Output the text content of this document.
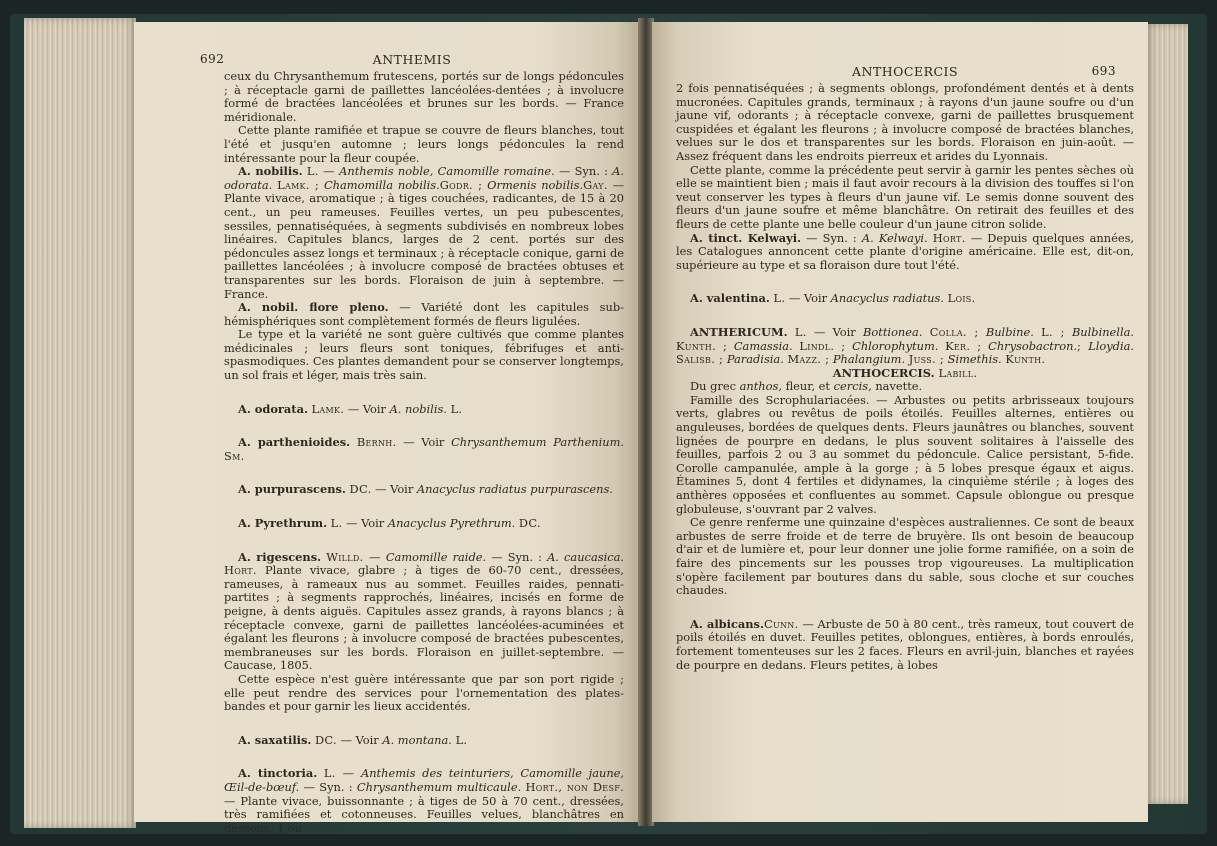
692	ANTHEMIS

ceux du Chrysanthemum frutescens, portés sur de longs pédoncules ; à réceptacle garni de paillettes lancéolées-dentées ; à involucre formé de bractées lancéolées et brunes sur les bords. — France méridionale.

Cette plante ramifiée et trapue se couvre de fleurs blanches, tout l'été et jusqu'en automne ; leurs longs pédoncules la rend intéressante pour la fleur coupée.

A. nobilis. L. — Anthemis noble, Camomille romaine. — Syn. : A. odorata. Lamk. ; Chamomilla nobilis.Godr. ; Ormenis nobilis.Gay. — Plante vivace, aromatique ; à tiges couchées, radicantes, de 15 à 20 cent., un peu rameuses. Feuilles vertes, un peu pubescentes, sessiles, pennatiséquées, à segments subdivisés en nombreux lobes linéaires. Capitules blancs, larges de 2 cent. portés sur des pédoncules assez longs et terminaux ; à réceptacle conique, garni de paillettes lancéolées ; à involucre composé de bractées obtuses et transparentes sur les bords. Floraison de juin à septembre. — France.

A. nobil. flore pleno. — Variété dont les capitules sub-hémisphériques sont complètement formés de fleurs ligulées.

Le type et la variété ne sont guère cultivés que comme plantes médicinales ; leurs fleurs sont toniques, fébrifuges et anti-spasmodiques. Ces plantes demandent pour se conserver longtemps, un sol frais et léger, mais très sain.

A. odorata. Lamk. — Voir A. nobilis. L.

A. parthenioides. Bernh. — Voir Chrysanthemum Parthenium. Sm.

A. purpurascens. DC. — Voir Anacyclus radiatus purpurascens.

A. Pyrethrum. L. — Voir Anacyclus Pyrethrum. DC.

A. rigescens. Willd. — Camomille raide. — Syn. : A. caucasica. Hort. Plante vivace, glabre ; à tiges de 60-70 cent., dressées, rameuses, à rameaux nus au sommet. Feuilles raides, pennati-partites ; à segments rapprochés, linéaires, incisés en forme de peigne, à dents aiguës. Capitules assez grands, à rayons blancs ; à réceptacle convexe, garni de paillettes lancéolées-acuminées et égalant les fleurons ; à involucre composé de bractées pubescentes, membraneuses sur les bords. Floraison en juillet-septembre. — Caucase, 1805.

Cette espèce n'est guère intéressante que par son port rigide ; elle peut rendre des services pour l'ornementation des plates-bandes et pour garnir les lieux accidentés.

A. saxatilis. DC. — Voir A. montana. L.

A. tinctoria. L. — Anthemis des teinturiers, Camomille jaune, Œil-de-bœuf. — Syn. : Chrysanthemum multicaule. Hort., non Desf. — Plante vivace, buissonnante ; à tiges de 50 à 70 cent., dressées, très ramifiées et cotonneuses. Feuilles velues, blanchâtres en dessous, 1 ou

ANTHOCERCIS	693

2 fois pennatiséquées ; à segments oblongs, profondément dentés et à dents mucronées. Capitules grands, terminaux ; à rayons d'un jaune soufre ou d'un jaune vif, odorants ; à réceptacle convexe, garni de paillettes brusquement cuspidées et égalant les fleurons ; à involucre composé de bractées blanches, velues sur le dos et transparentes sur les bords. Floraison en juin-août. — Assez fréquent dans les endroits pierreux et arides du Lyonnais.

Cette plante, comme la précédente peut servir à garnir les pentes sèches où elle se maintient bien ; mais il faut avoir recours à la division des touffes si l'on veut conserver les types à fleurs d'un jaune vif. Le semis donne souvent des fleurs d'un jaune soufre et même blanchâtre. On retirait des feuilles et des fleurs de cette plante une belle couleur d'un jaune citron solide.

A. tinct. Kelwayi. — Syn. : A. Kelwayi. Hort. — Depuis quelques années, les Catalogues annoncent cette plante d'origine américaine. Elle est, dit-on, supérieure au type et sa floraison dure tout l'été.

A. valentina. L. — Voir Anacyclus radiatus. Lois.

ANTHERICUM. L. — Voir Bottionea. Colla. ; Bulbine. L. ; Bulbinella. Kunth. ; Camassia. Lindl. ; Chlorophytum. Ker. ; Chrysobactron.; Lloydia. Salisb. ; Paradisia. Mazz. ; Phalangium. Juss. ; Simethis. Kunth.

ANTHOCERCIS. Labill.

Du grec anthos, fleur, et cercis, navette.

Famille des Scrophulariacées. — Arbustes ou petits arbrisseaux toujours verts, glabres ou revêtus de poils étoilés. Feuilles alternes, entières ou anguleuses, bordées de quelques dents. Fleurs jaunâtres ou blanches, souvent lignées de pourpre en dedans, le plus souvent solitaires à l'aisselle des feuilles, parfois 2 ou 3 au sommet du pédoncule. Calice persistant, 5-fide. Corolle campanulée, ample à la gorge ; à 5 lobes presque égaux et aigus. Étamines 5, dont 4 fertiles et didynames, la cinquième stérile ; à loges des anthères opposées et confluentes au sommet. Capsule oblongue ou presque globuleuse, s'ouvrant par 2 valves.

Ce genre renferme une quinzaine d'espèces australiennes. Ce sont de beaux arbustes de serre froide et de terre de bruyère. Ils ont besoin de beaucoup d'air et de lumière et, pour leur donner une jolie forme ramifiée, on a soin de faire des pincements sur les pousses trop vigoureuses. La multiplication s'opère facilement par boutures dans du sable, sous cloche et sur couches chaudes.

A. albicans.Cunn. — Arbuste de 50 à 80 cent., très rameux, tout couvert de poils étoilés en duvet. Feuilles petites, oblongues, entières, à bords enroulés, fortement tomenteuses sur les 2 faces. Fleurs en avril-juin, blanches et rayées de pourpre en dedans. Fleurs petites, à lobes
